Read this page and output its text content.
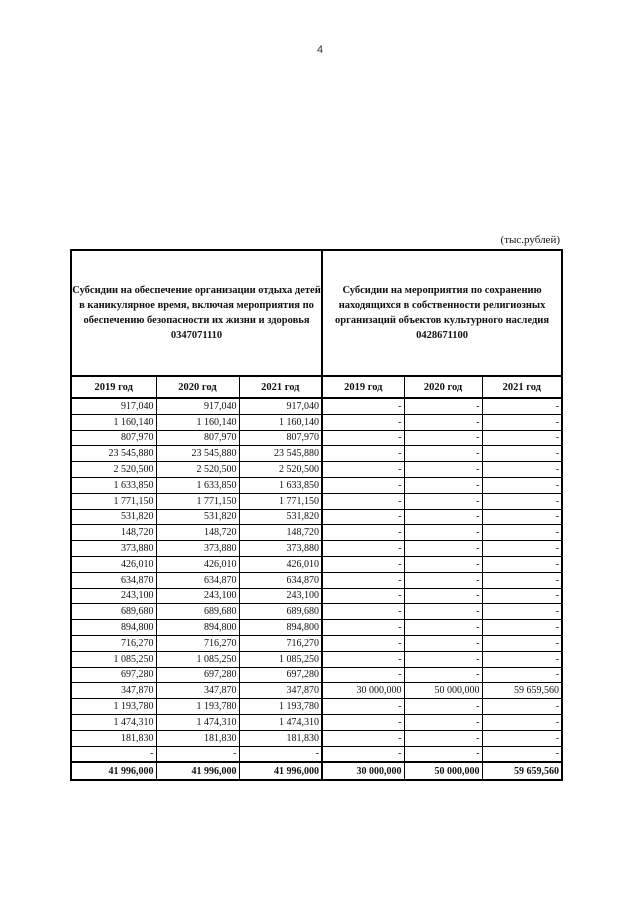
4
(тыс.рублей)
Субсидии на обеспечение организации отдыха детей в каникулярное время, включая мероприятия по обеспечению безопасности их жизни и здоровья 0347071110			Субсидии на мероприятия по сохранению находящихся в собственности религиозных организаций объектов культурного наследия 0428671100		
2019 год	2020 год	2021 год	2019 год	2020 год	2021 год
917,040	917,040	917,040	-	-	-
1 160,140	1 160,140	1 160,140	-	-	-
807,970	807,970	807,970	-	-	-
23 545,880	23 545,880	23 545,880	-	-	-
2 520,500	2 520,500	2 520,500	-	-	-
1 633,850	1 633,850	1 633,850	-	-	-
1 771,150	1 771,150	1 771,150	-	-	-
531,820	531,820	531,820	-	-	-
148,720	148,720	148,720	-	-	-
373,880	373,880	373,880	-	-	-
426,010	426,010	426,010	-	-	-
634,870	634,870	634,870	-	-	-
243,100	243,100	243,100	-	-	-
689,680	689,680	689,680	-	-	-
894,800	894,800	894,800	-	-	-
716,270	716,270	716,270	-	-	-
1 085,250	1 085,250	1 085,250	-	-	-
697,280	697,280	697,280	-	-	-
347,870	347,870	347,870	30 000,000	50 000,000	59 659,560
1 193,780	1 193,780	1 193,780	-	-	-
1 474,310	1 474,310	1 474,310	-	-	-
181,830	181,830	181,830	-	-	-
-	-	-	-	-	-
41 996,000	41 996,000	41 996,000	30 000,000	50 000,000	59 659,560
